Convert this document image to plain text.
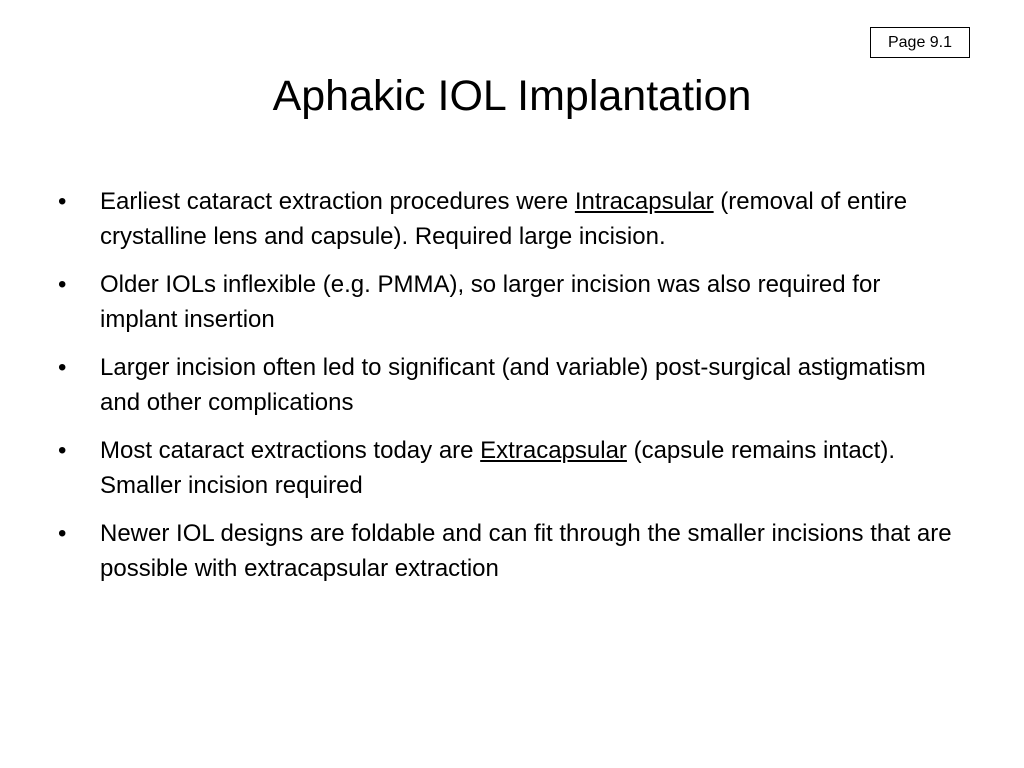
Page 9.1
Aphakic IOL Implantation
•	Earliest cataract extraction procedures were Intracapsular (removal of entire crystalline lens and capsule). Required large incision.
•	Older IOLs inflexible (e.g. PMMA), so larger incision was also required for implant insertion
•	Larger incision often led to significant (and variable) post-surgical astigmatism and other complications
•	Most cataract extractions today are Extracapsular (capsule remains intact). Smaller incision required
•	Newer IOL designs are foldable and can fit through the smaller incisions that are possible with extracapsular extraction
